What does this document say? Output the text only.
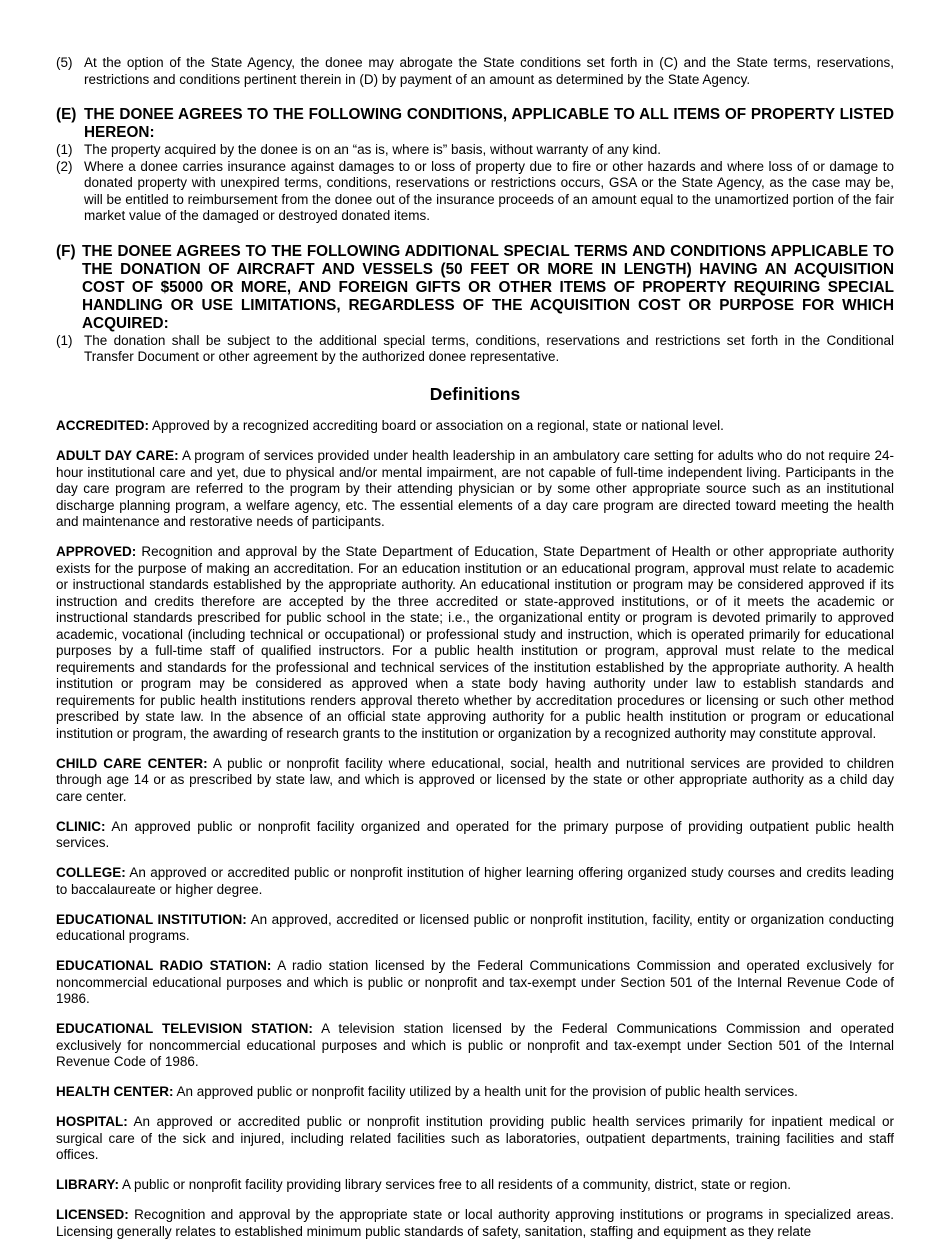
(5) At the option of the State Agency, the donee may abrogate the State conditions set forth in (C) and the State terms, reservations, restrictions and conditions pertinent therein in (D) by payment of an amount as determined by the State Agency.
(E) THE DONEE AGREES TO THE FOLLOWING CONDITIONS, APPLICABLE TO ALL ITEMS OF PROPERTY LISTED HEREON:
(1) The property acquired by the donee is on an “as is, where is” basis, without warranty of any kind.
(2) Where a donee carries insurance against damages to or loss of property due to fire or other hazards and where loss of or damage to donated property with unexpired terms, conditions, reservations or restrictions occurs, GSA or the State Agency, as the case may be, will be entitled to reimbursement from the donee out of the insurance proceeds of an amount equal to the unamortized portion of the fair market value of the damaged or destroyed donated items.
(F) THE DONEE AGREES TO THE FOLLOWING ADDITIONAL SPECIAL TERMS AND CONDITIONS APPLICABLE TO THE DONATION OF AIRCRAFT AND VESSELS (50 FEET OR MORE IN LENGTH) HAVING AN ACQUISITION COST OF $5000 OR MORE, AND FOREIGN GIFTS OR OTHER ITEMS OF PROPERTY REQUIRING SPECIAL HANDLING OR USE LIMITATIONS, REGARDLESS OF THE ACQUISITION COST OR PURPOSE FOR WHICH ACQUIRED:
(1) The donation shall be subject to the additional special terms, conditions, reservations and restrictions set forth in the Conditional Transfer Document or other agreement by the authorized donee representative.
Definitions

ACCREDITED: Approved by a recognized accrediting board or association on a regional, state or national level.

ADULT DAY CARE: A program of services provided under health leadership in an ambulatory care setting for adults who do not require 24-hour institutional care and yet, due to physical and/or mental impairment, are not capable of full-time independent living. Participants in the day care program are referred to the program by their attending physician or by some other appropriate source such as an institutional discharge planning program, a welfare agency, etc. The essential elements of a day care program are directed toward meeting the health and maintenance and restorative needs of participants.

APPROVED: Recognition and approval by the State Department of Education, State Department of Health or other appropriate authority exists for the purpose of making an accreditation. For an education institution or an educational program, approval must relate to academic or instructional standards established by the appropriate authority. An educational institution or program may be considered approved if its instruction and credits therefore are accepted by the three accredited or state-approved institutions, or of it meets the academic or instructional standards prescribed for public school in the state; i.e., the organizational entity or program is devoted primarily to approved academic, vocational (including technical or occupational) or professional study and instruction, which is operated primarily for educational purposes by a full-time staff of qualified instructors. For a public health institution or program, approval must relate to the medical requirements and standards for the professional and technical services of the institution established by the appropriate authority. A health institution or program may be considered as approved when a state body having authority under law to establish standards and requirements for public health institutions renders approval thereto whether by accreditation procedures or licensing or such other method prescribed by state law. In the absence of an official state approving authority for a public health institution or program or educational institution or program, the awarding of research grants to the institution or organization by a recognized authority may constitute approval.

CHILD CARE CENTER: A public or nonprofit facility where educational, social, health and nutritional services are provided to children through age 14 or as prescribed by state law, and which is approved or licensed by the state or other appropriate authority as a child day care center.

CLINIC: An approved public or nonprofit facility organized and operated for the primary purpose of providing outpatient public health services.

COLLEGE: An approved or accredited public or nonprofit institution of higher learning offering organized study courses and credits leading to baccalaureate or higher degree.

EDUCATIONAL INSTITUTION: An approved, accredited or licensed public or nonprofit institution, facility, entity or organization conducting educational programs.

EDUCATIONAL RADIO STATION: A radio station licensed by the Federal Communications Commission and operated exclusively for noncommercial educational purposes and which is public or nonprofit and tax-exempt under Section 501 of the Internal Revenue Code of 1986.

EDUCATIONAL TELEVISION STATION: A television station licensed by the Federal Communications Commission and operated exclusively for noncommercial educational purposes and which is public or nonprofit and tax-exempt under Section 501 of the Internal Revenue Code of 1986.

HEALTH CENTER: An approved public or nonprofit facility utilized by a health unit for the provision of public health services.

HOSPITAL: An approved or accredited public or nonprofit institution providing public health services primarily for inpatient medical or surgical care of the sick and injured, including related facilities such as laboratories, outpatient departments, training facilities and staff offices.

LIBRARY: A public or nonprofit facility providing library services free to all residents of a community, district, state or region.

LICENSED: Recognition and approval by the appropriate state or local authority approving institutions or programs in specialized areas. Licensing generally relates to established minimum public standards of safety, sanitation, staffing and equipment as they relate
